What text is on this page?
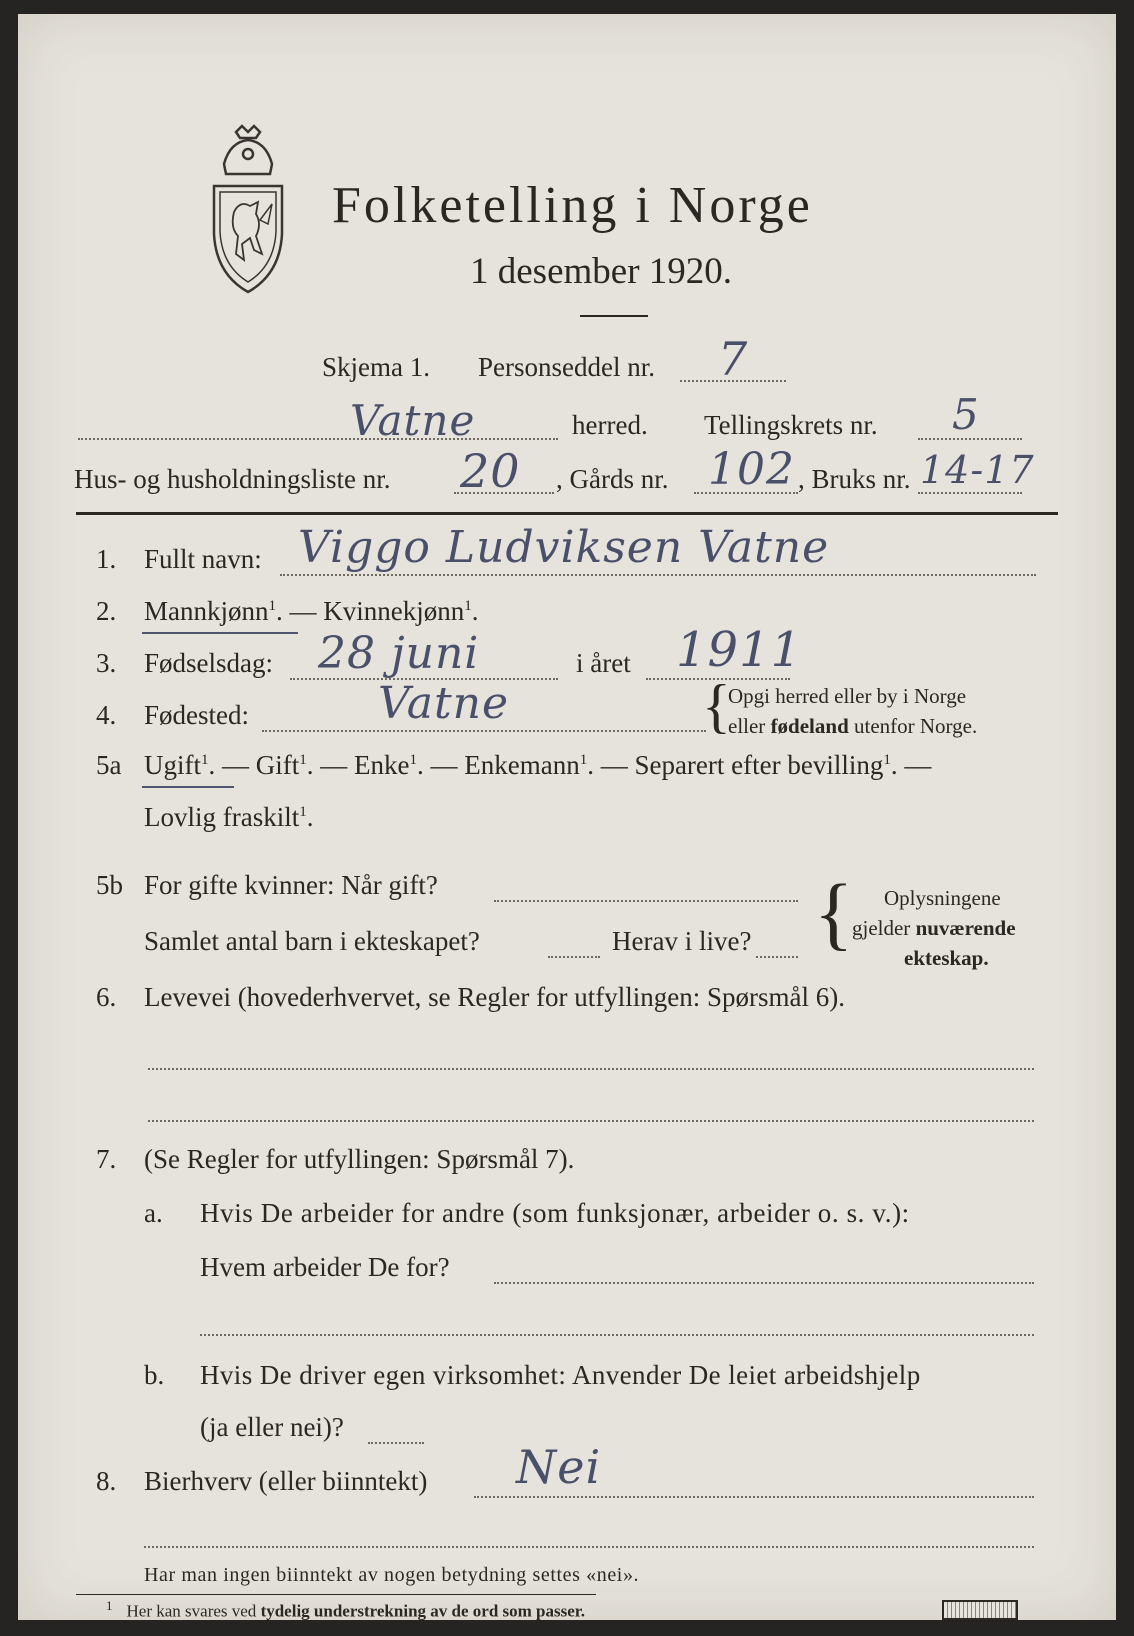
Folketelling i Norge
1 desember 1920.
Skjema 1. Personseddel nr. 7
Vatne	herred. Tellingskrets nr. 5
Hus- og husholdningsliste nr. 20 , Gårds nr. 102 , Bruks nr. 14-17
1. Fullt navn: Viggo Ludviksen Vatne
2. Mannkjønn$^1$. — Kvinnekjønn$^1$.
3. Fødselsdag: 28 juni	i året 1911
4. Fødested:	Vatne	{
Opgi herred eller by i Norge
eller fødeland utenfor Norge.
5a Ugift$^1$. — Gift$^1$. — Enke$^1$. — Enkemann$^1$. — Separert efter bevilling$^1$. —
Lovlig fraskilt$^1$.
5b For gifte kvinner: Når gift?
Samlet antal barn i ekteskapet?	Herav i live? { Oplysningene
gjelder nuværende
ekteskap.
6. Levevei (hovederhvervet, se Regler for utfyllingen: Spørsmål 6).
7. (Se Regler for utfyllingen: Spørsmål 7).
a. Hvis De arbeider for andre (som funksjonær, arbeider o. s. v.):
Hvem arbeider De for?
b. Hvis De driver egen virksomhet: Anvender De leiet arbeidshjelp
(ja eller nei)?
8. Bierhverv (eller biinntekt) Nei
Har man ingen biinntekt av nogen betydning settes «nei».
$^1$ Her kan svares ved tydelig understrekning av de ord som passer.
